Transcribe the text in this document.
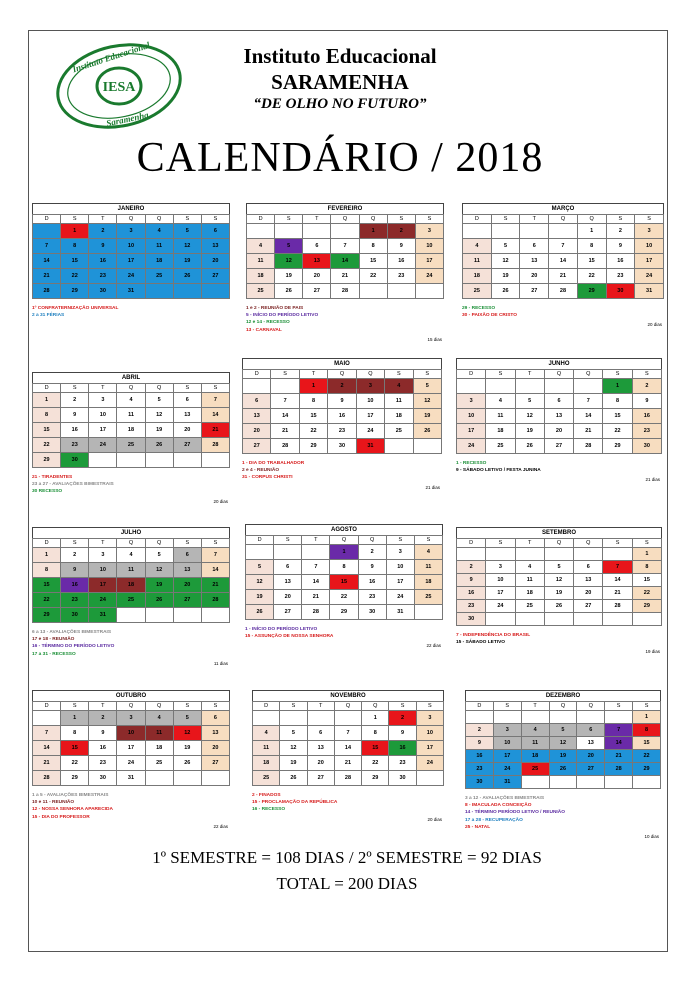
IESA
Instituto Educacional
Saramenha
Instituto Educacional
SARAMENHA
“DE OLHO NO FUTURO”
CALENDÁRIO / 2018
JANEIRO
D	S	T	Q	Q	S	S
	1	2	3	4	5	6
7	8	9	10	11	12	13
14	15	16	17	18	19	20
21	22	23	24	25	26	27
28	29	30	31			
1º CONFRATERNIZAÇÃO UNIVERSAL
2 a 31 FÉRIAS
FEVEREIRO
D	S	T	Q	Q	S	S
				1	2	3
4	5	6	7	8	9	10
11	12	13	14	15	16	17
18	19	20	21	22	23	24
25	26	27	28			
15 dias
1 e 2 - REUNIÃO DE PAIS
5 - INÍCIO DO PERÍODO LETIVO
12 e 14 - RECESSO
13 - CARNAVAL
MARÇO
D	S	T	Q	Q	S	S
				1	2	3
4	5	6	7	8	9	10
11	12	13	14	15	16	17
18	19	20	21	22	23	24
25	26	27	28	29	30	31
20 dias
29 - RECESSO
30 - PAIXÃO DE CRISTO
ABRIL
D	S	T	Q	Q	S	S
1	2	3	4	5	6	7
8	9	10	11	12	13	14
15	16	17	18	19	20	21
22	23	24	25	26	27	28
29	30					
20 dias
21 - TIRADENTES
23 a 27 - AVALIAÇÕES BIMESTRAIS
30 RECESSO
MAIO
D	S	T	Q	Q	S	S
		1	2	3	4	5
6	7	8	9	10	11	12
13	14	15	16	17	18	19
20	21	22	23	24	25	26
27	28	29	30	31		
21 dias
1 - DIA DO TRABALHADOR
2 e 4 - REUNIÃO
31 - CORPUS CHRISTI
JUNHO
D	S	T	Q	Q	S	S
					1	2
3	4	5	6	7	8	9
10	11	12	13	14	15	16
17	18	19	20	21	22	23
24	25	26	27	28	29	30
21 dias
1 - RECESSO
9 - SÁBADO LETIVO / FESTA JUNINA
JULHO
D	S	T	Q	Q	S	S
1	2	3	4	5	6	7
8	9	10	11	12	13	14
15	16	17	18	19	20	21
22	23	24	25	26	27	28
29	30	31				
11 dias
6 a 13 - AVALIAÇÕES BIMESTRAIS
17 e 18 - REUNIÃO
16 - TÉRMINO DO PERÍODO LETIVO
17 a 31 - RECESSO
AGOSTO
D	S	T	Q	Q	S	S
			1	2	3	4
5	6	7	8	9	10	11
12	13	14	15	16	17	18
19	20	21	22	23	24	25
26	27	28	29	30	31	
22 dias
1 - INÍCIO DO PERÍODO LETIVO
15 - ASSUNÇÃO DE NOSSA SENHORA
SETEMBRO
D	S	T	Q	Q	S	S
						1
2	3	4	5	6	7	8
9	10	11	12	13	14	15
16	17	18	19	20	21	22
23	24	25	26	27	28	29
30						
19 dias
7 - INDEPENDÊNCIA DO BRASIL
15 - SÁBADO LETIVO
OUTUBRO
D	S	T	Q	Q	S	S
	1	2	3	4	5	6
7	8	9	10	11	12	13
14	15	16	17	18	19	20
21	22	23	24	25	26	27
28	29	30	31			
22 dias
1 a 5 - AVALIAÇÕES BIMESTRAIS
10 e 11 - REUNIÃO
12 - NOSSA SENHORA APARECIDA
15 - DIA DO PROFESSOR
NOVEMBRO
D	S	T	Q	Q	S	S
				1	2	3
4	5	6	7	8	9	10
11	12	13	14	15	16	17
18	19	20	21	22	23	24
25	26	27	28	29	30	
20 dias
2 - FINADOS
15 - PROCLAMAÇÃO DA REPÚBLICA
16 - RECESSO
DEZEMBRO
D	S	T	Q	Q	S	S
						1
2	3	4	5	6	7	8
9	10	11	12	13	14	15
16	17	18	19	20	21	22
23	24	25	26	27	28	29
30	31					
10 dias
3 a 12 - AVALIAÇÕES BIMESTRAIS
8 - IMACULADA CONCEIÇÃO
14 - TÉRMINO PERÍODO LETIVO / REUNIÃO
17 a 28 - RECUPERAÇÃO
25 - NATAL
1º SEMESTRE = 108 DIAS / 2º SEMESTRE = 92 DIAS
TOTAL = 200 DIAS
